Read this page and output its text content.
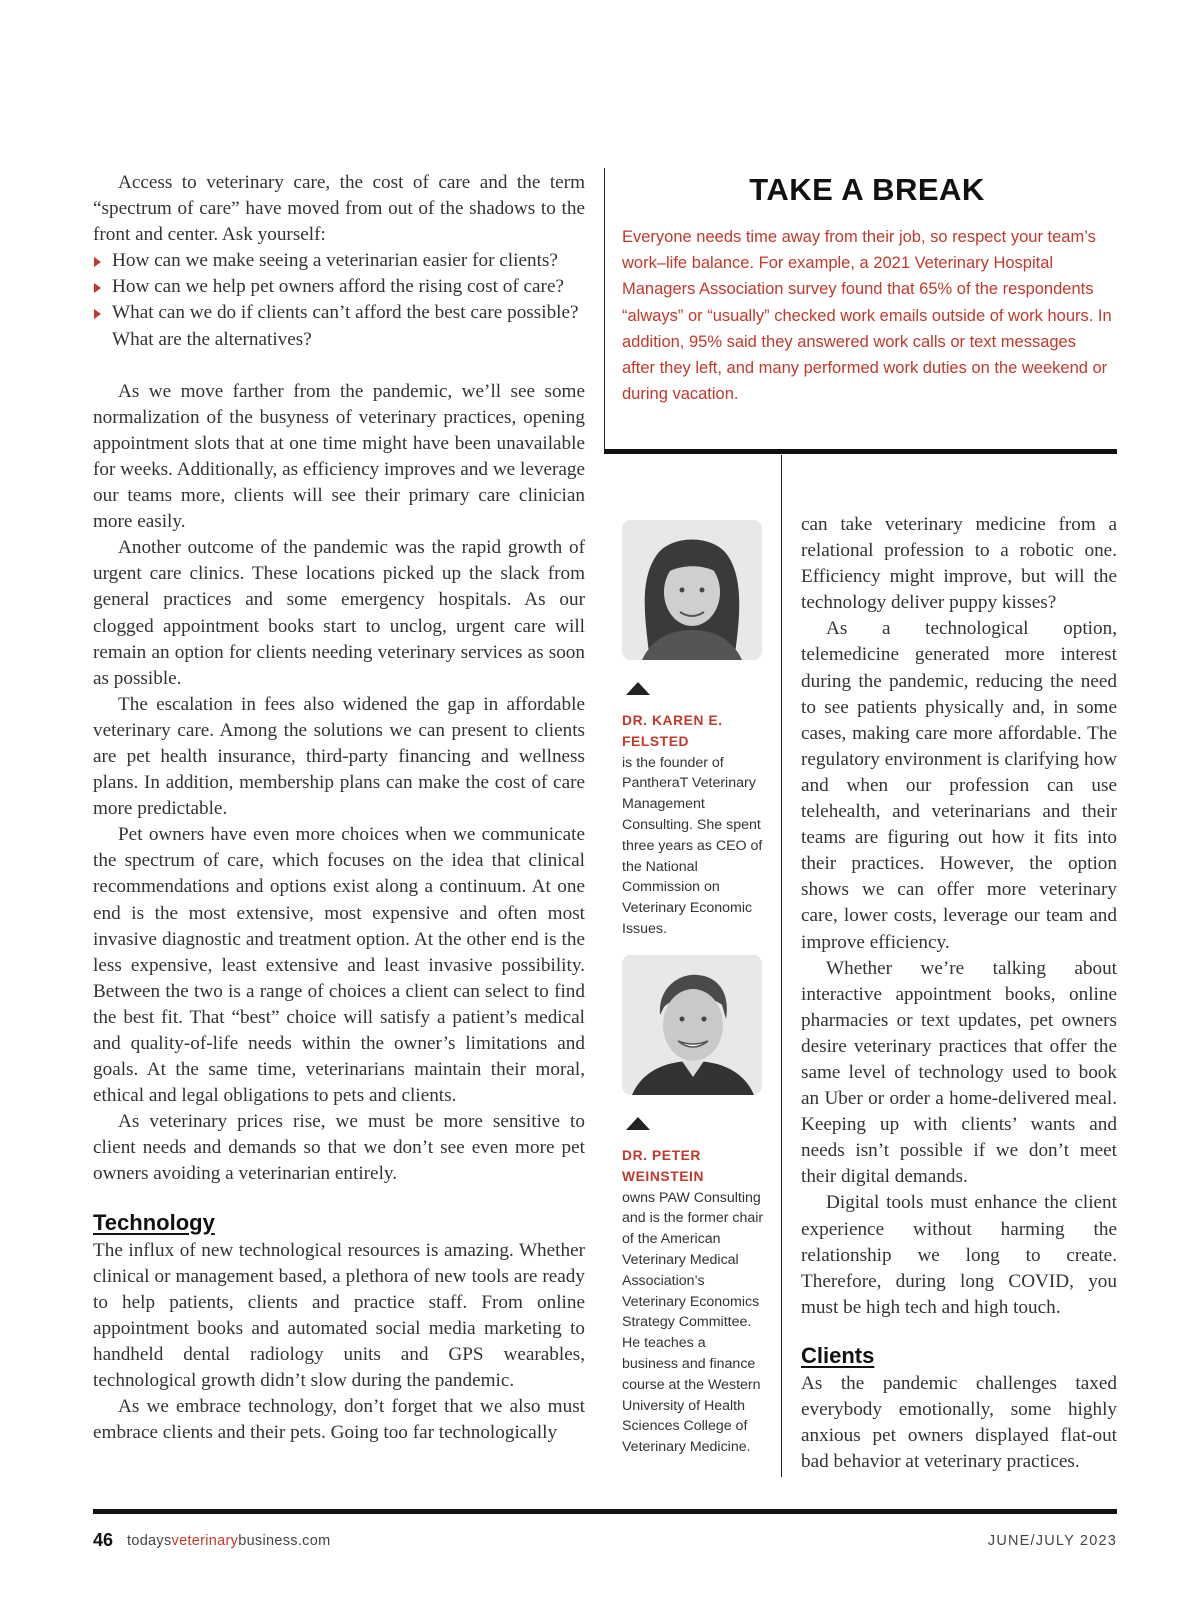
Access to veterinary care, the cost of care and the term “spectrum of care” have moved from out of the shadows to the front and center. Ask yourself:

How can we make seeing a veterinarian easier for clients?
How can we help pet owners afford the rising cost of care?
What can we do if clients can’t afford the best care possible? What are the alternatives?

As we move farther from the pandemic, we’ll see some normalization of the busyness of veterinary practices, opening appointment slots that at one time might have been unavailable for weeks. Additionally, as efficiency improves and we leverage our teams more, clients will see their primary care clinician more easily.

Another outcome of the pandemic was the rapid growth of urgent care clinics. These locations picked up the slack from general practices and some emergency hospitals. As our clogged appointment books start to unclog, urgent care will remain an option for clients needing veterinary services as soon as possible.

The escalation in fees also widened the gap in affordable veterinary care. Among the solutions we can present to clients are pet health insurance, third-party financing and wellness plans. In addition, membership plans can make the cost of care more predictable.

Pet owners have even more choices when we communicate the spectrum of care, which focuses on the idea that clinical recommendations and options exist along a continuum. At one end is the most extensive, most expensive and often most invasive diagnostic and treatment option. At the other end is the less expensive, least extensive and least invasive possibility. Between the two is a range of choices a client can select to find the best fit. That “best” choice will satisfy a patient’s medical and quality-of-life needs within the owner’s limitations and goals. At the same time, veterinarians maintain their moral, ethical and legal obligations to pets and clients.

As veterinary prices rise, we must be more sensitive to client needs and demands so that we don’t see even more pet owners avoiding a veterinarian entirely.

Technology

The influx of new technological resources is amazing. Whether clinical or management based, a plethora of new tools are ready to help patients, clients and practice staff. From online appointment books and automated social media marketing to handheld dental radiology units and GPS wearables, technological growth didn’t slow during the pandemic.

As we embrace technology, don’t forget that we also must embrace clients and their pets. Going too far technologically

TAKE A BREAK

Everyone needs time away from their job, so respect your team’s work–life balance. For example, a 2021 Veterinary Hospital Managers Association survey found that 65% of the respondents “always” or “usually” checked work emails outside of work hours. In addition, 95% said they answered work calls or text messages after they left, and many performed work duties on the weekend or during vacation.

DR. KAREN E. FELSTED
is the founder of PantheraT Veterinary Management Consulting. She spent three years as CEO of the National Commission on Veterinary Economic Issues.
DR. PETER WEINSTEIN
owns PAW Consulting and is the former chair of the American Veterinary Medical Association’s Veterinary Economics Strategy Committee. He teaches a business and finance course at the Western University of Health Sciences College of Veterinary Medicine.

can take veterinary medicine from a relational profession to a robotic one. Efficiency might improve, but will the technology deliver puppy kisses?

As a technological option, telemedicine generated more interest during the pandemic, reducing the need to see patients physically and, in some cases, making care more affordable. The regulatory environment is clarifying how and when our profession can use telehealth, and veterinarians and their teams are figuring out how it fits into their practices. However, the option shows we can offer more veterinary care, lower costs, leverage our team and improve efficiency.

Whether we’re talking about interactive appointment books, online pharmacies or text updates, pet owners desire veterinary practices that offer the same level of technology used to book an Uber or order a home-delivered meal. Keeping up with clients’ wants and needs isn’t possible if we don’t meet their digital demands.

Digital tools must enhance the client experience without harming the relationship we long to create. Therefore, during long COVID, you must be high tech and high touch.

Clients

As the pandemic challenges taxed everybody emotionally, some highly anxious pet owners displayed flat-out bad behavior at veterinary practices.

46 todaysveterinarybusiness.com	JUNE/JULY 2023
